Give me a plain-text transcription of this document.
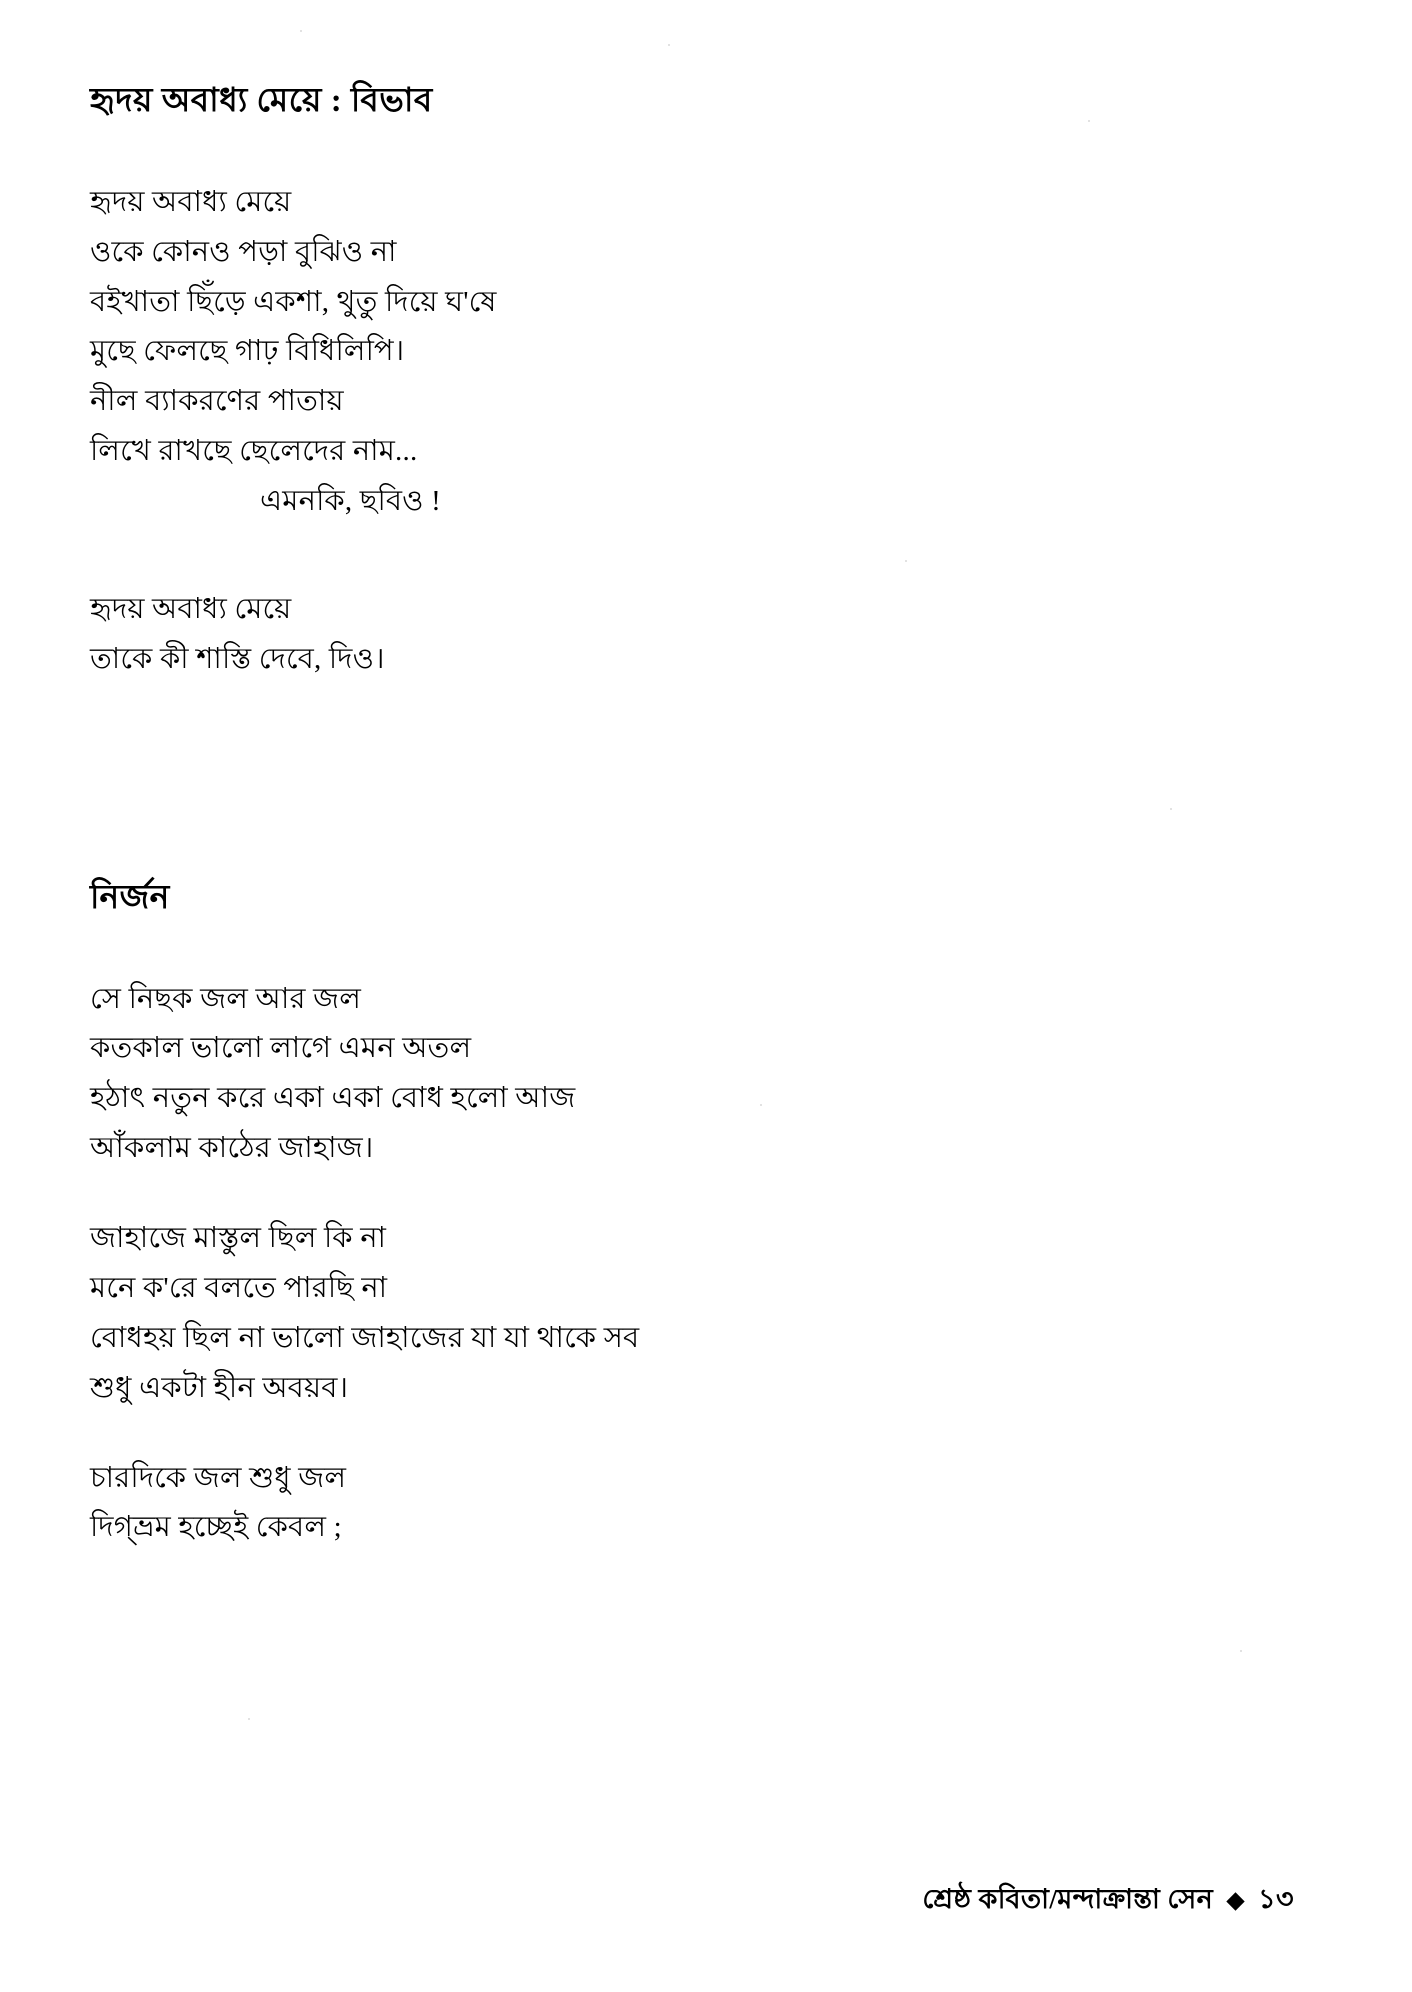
হৃদয় অবাধ্য মেয়ে : বিভাব

হৃদয় অবাধ্য মেয়ে

ওকে কোনও পড়া বুঝিও না

বইখাতা ছিঁড়ে একশা, থুতু দিয়ে ঘ'ষে

মুছে ফেলছে গাঢ় বিধিলিপি।

নীল ব্যাকরণের পাতায়

লিখে রাখছে ছেলেদের নাম...

এমনকি, ছবিও !

হৃদয় অবাধ্য মেয়ে

তাকে কী শাস্তি দেবে, দিও।

নির্জন

সে নিছক জল আর জল

কতকাল ভালো লাগে এমন অতল

হঠাৎ নতুন করে একা একা বোধ হলো আজ

আঁকলাম কাঠের জাহাজ।

জাহাজে মাস্তুল ছিল কি না

মনে ক'রে বলতে পারছি না

বোধহয় ছিল না ভালো জাহাজের যা যা থাকে সব

শুধু একটা হীন অবয়ব।

চারদিকে জল শুধু জল

দিগ্‌ভ্রম হচ্ছেই কেবল ;

শ্রেষ্ঠ কবিতা/মন্দাক্রান্তা সেন ১৩
